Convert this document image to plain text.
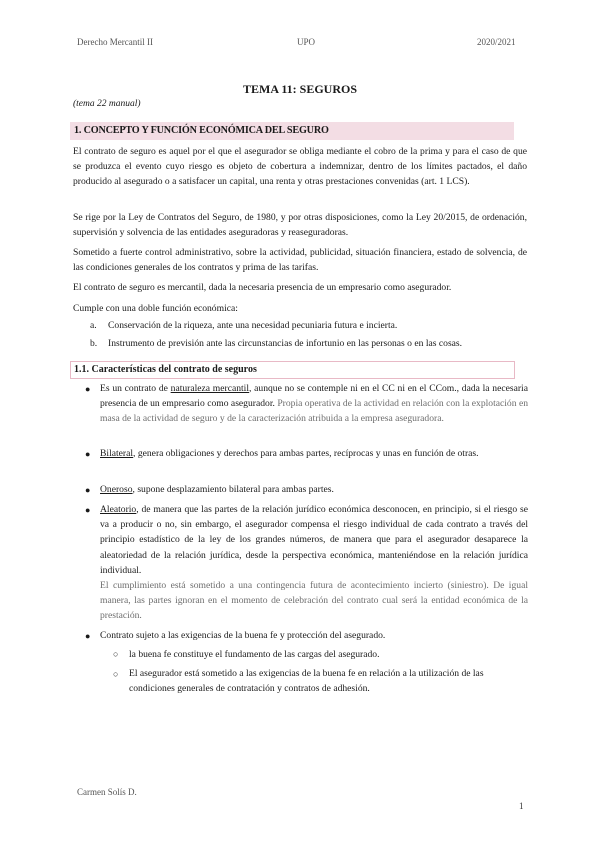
Derecho Mercantil II	UPO	2020/2021
TEMA 11: SEGUROS
(tema 22 manual)
1. CONCEPTO Y FUNCIÓN ECONÓMICA DEL SEGURO
El contrato de seguro es aquel por el que el asegurador se obliga mediante el cobro de la prima y para el caso de que se produzca el evento cuyo riesgo es objeto de cobertura a indemnizar, dentro de los límites pactados, el daño producido al asegurado o a satisfacer un capital, una renta y otras prestaciones convenidas (art. 1 LCS).
Se rige por la Ley de Contratos del Seguro, de 1980, y por otras disposiciones, como la Ley 20/2015, de ordenación, supervisión y solvencia de las entidades aseguradoras y reaseguradoras.
Sometido a fuerte control administrativo, sobre la actividad, publicidad, situación financiera, estado de solvencia, de las condiciones generales de los contratos y prima de las tarifas.
El contrato de seguro es mercantil, dada la necesaria presencia de un empresario como asegurador.
Cumple con una doble función económica:
a. Conservación de la riqueza, ante una necesidad pecuniaria futura e incierta.
b. Instrumento de previsión ante las circunstancias de infortunio en las personas o en las cosas.
1.1. Características del contrato de seguros
● Es un contrato de naturaleza mercantil, aunque no se contemple ni en el CC ni en el CCom., dada la necesaria presencia de un empresario como asegurador. Propia operativa de la actividad en relación con la explotación en masa de la actividad de seguro y de la caracterización atribuida a la empresa aseguradora.
● Bilateral, genera obligaciones y derechos para ambas partes, recíprocas y unas en función de otras.
● Oneroso, supone desplazamiento bilateral para ambas partes.
● Aleatorio, de manera que las partes de la relación jurídico económica desconocen, en principio, si el riesgo se va a producir o no, sin embargo, el asegurador compensa el riesgo individual de cada contrato a través del principio estadístico de la ley de los grandes números, de manera que para el asegurador desaparece la aleatoriedad de la relación jurídica, desde la perspectiva económica, manteniéndose en la relación jurídica individual.
El cumplimiento está sometido a una contingencia futura de acontecimiento incierto (siniestro). De igual manera, las partes ignoran en el momento de celebración del contrato cual será la entidad económica de la prestación.
● Contrato sujeto a las exigencias de la buena fe y protección del asegurado.
○ la buena fe constituye el fundamento de las cargas del asegurado.
○ El asegurador está sometido a las exigencias de la buena fe en relación a la utilización de las condiciones generales de contratación y contratos de adhesión.
Carmen Solís D.
1
